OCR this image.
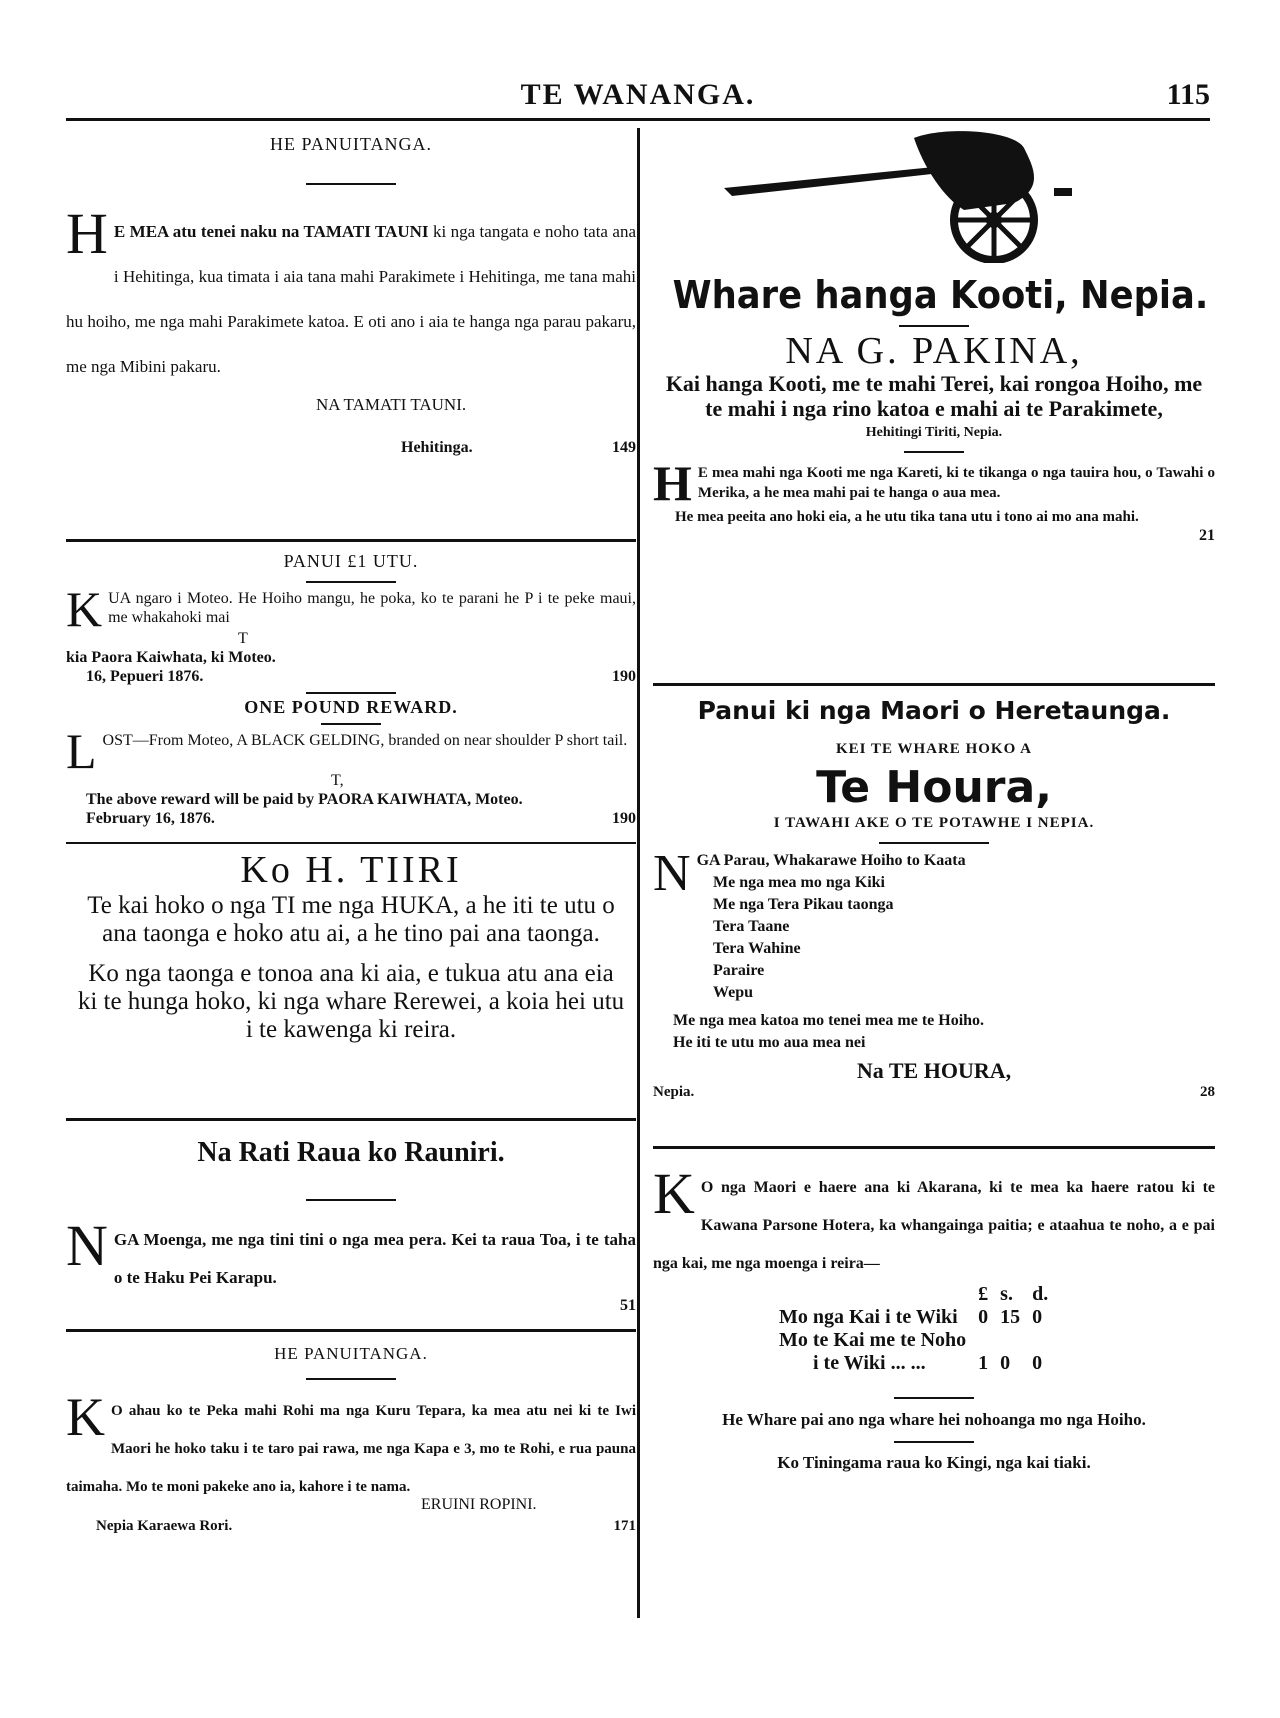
TE WANANGA.	115
HE PANUITANGA.
H E MEA atu tenei naku na TAMATI TAUNI ki nga tangata e noho tata ana i Hehitinga, kua timata i aia tana mahi Parakimete i Hehitinga, me tana mahi hu hoiho, me nga mahi Parakimete katoa. E oti ano i aia te hanga nga parau pakaru, me nga Mibini pakaru.
NA TAMATI TAUNI.
Hehitinga.	149
PANUI £1 UTU.
K UA ngaro i Moteo. He Hoiho mangu, he poka, ko te parani he P i te peke maui, me whakahoki mai
T
kia Paora Kaiwhata, ki Moteo.
16, Pepueri 1876.	190
ONE POUND REWARD.
L OST—From Moteo, A BLACK GELDING, branded on near shoulder P short tail.
T,
The above reward will be paid by PAORA KAIWHATA, Moteo.
February 16, 1876.	190
Ko H. TIIRI
Te kai hoko o nga TI me nga HUKA, a he iti te utu o ana taonga e hoko atu ai, a he tino pai ana taonga.
Ko nga taonga e tonoa ana ki aia, e tukua atu ana eia ki te hunga hoko, ki nga whare Rerewei, a koia hei utu i te kawenga ki reira.
Na Rati Raua ko Rauniri.
N GA Moenga, me nga tini tini o nga mea pera. Kei ta raua Toa, i te taha o te Haku Pei Karapu.
51
HE PANUITANGA.
K O ahau ko te Peka mahi Rohi ma nga Kuru Tepara, ka mea atu nei ki te Iwi Maori he hoko taku i te taro pai rawa, me nga Kapa e 3, mo te Rohi, e rua pauna taimaha. Mo te moni pakeke ano ia, kahore i te nama.
ERUINI ROPINI.
Nepia Karaewa Rori.	171
Whare hanga Kooti, Nepia.
NA G. PAKINA,
Kai hanga Kooti, me te mahi Terei, kai rongoa Hoiho, me te mahi i nga rino katoa e mahi ai te Parakimete,
Hehitingi Tiriti, Nepia.
H E mea mahi nga Kooti me nga Kareti, ki te tikanga o nga tauira hou, o Tawahi o Merika, a he mea mahi pai te hanga o aua mea.
He mea peeita ano hoki eia, a he utu tika tana utu i tono ai mo ana mahi.
21
Panui ki nga Maori o Heretaunga.
KEI TE WHARE HOKO A
Te Houra,
I TAWAHI AKE O TE POTAWHE I NEPIA.
N GA Parau, Whakarawe Hoiho to Kaata
Me nga mea mo nga Kiki
Me nga Tera Pikau taonga
Tera Taane
Tera Wahine
Paraire
Wepu
Me nga mea katoa mo tenei mea me te Hoiho.
He iti te utu mo aua mea nei
Na TE HOURA,
Nepia.	28
K O nga Maori e haere ana ki Akarana, ki te mea ka haere ratou ki te Kawana Parsone Hotera, ka whangainga paitia; e ataahua te noho, a e pai nga kai, me nga moenga i reira—
	£	s.	d.
Mo nga Kai i te Wiki	0	15	0
Mo te Kai me te Noho			
i te Wiki ... ...	1	0	0
He Whare pai ano nga whare hei nohoanga mo nga Hoiho.
Ko Tiningama raua ko Kingi, nga kai tiaki.
